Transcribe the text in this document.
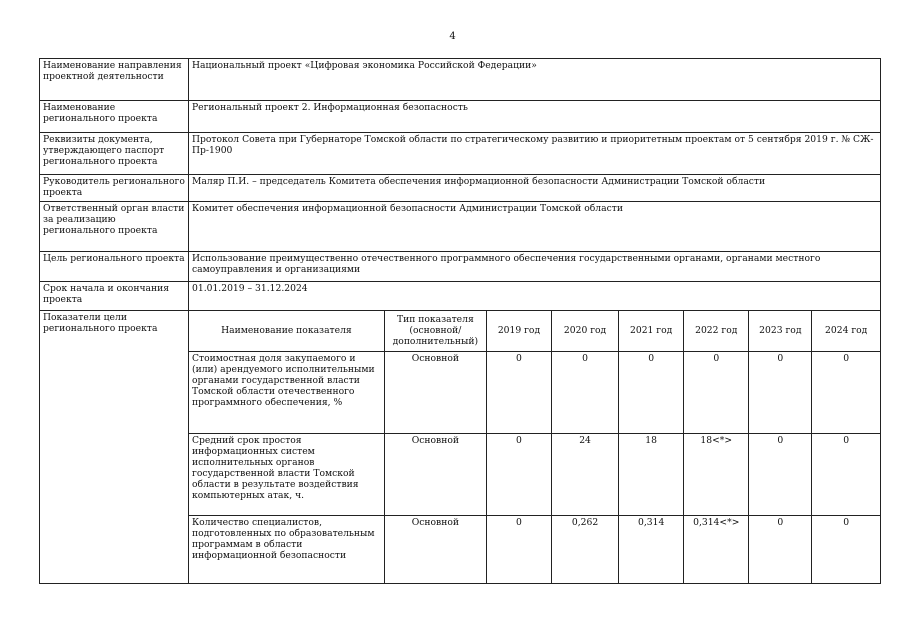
4
Наименование направления проектной деятельности	Национальный проект «Цифровая экономика Российской Федерации»
Наименование регионального проекта	Региональный проект 2. Информационная безопасность
Реквизиты документа, утверждающего паспорт регионального проекта	Протокол Совета при Губернаторе Томской области по стратегическому развитию и приоритетным проектам от 5 сентября 2019 г. № СЖ-Пр-1900
Руководитель регионального проекта	Маляр П.И. – председатель Комитета обеспечения информационной безопасности Администрации Томской области
Ответственный орган власти за реализацию регионального проекта	Комитет обеспечения информационной безопасности Администрации Томской области
Цель регионального проекта	Использование преимущественно отечественного программного обеспечения государственными органами, органами местного самоуправления и организациями
Срок начала и окончания проекта	01.01.2019 – 31.12.2024
Показатели цели регионального проекта		Наименование показателя	Тип показателя (основной/ дополнительный)	2019 год	2020 год	2021 год	2022 год	2023 год	2024 год
Стоимостная доля закупаемого и (или) арендуемого исполнительными органами государственной власти Томской области отечественного программного обеспечения, %	Основной	0	0	0	0	0	0
Средний срок простоя информационных систем исполнительных органов государственной власти Томской области в результате воздействия компьютерных атак, ч.	Основной	0	24	18	18<*>	0	0
Количество специалистов, подготовленных по образовательным программам в области информационной безопасности	Основной	0	0,262	0,314	0,314<*>	0	0
